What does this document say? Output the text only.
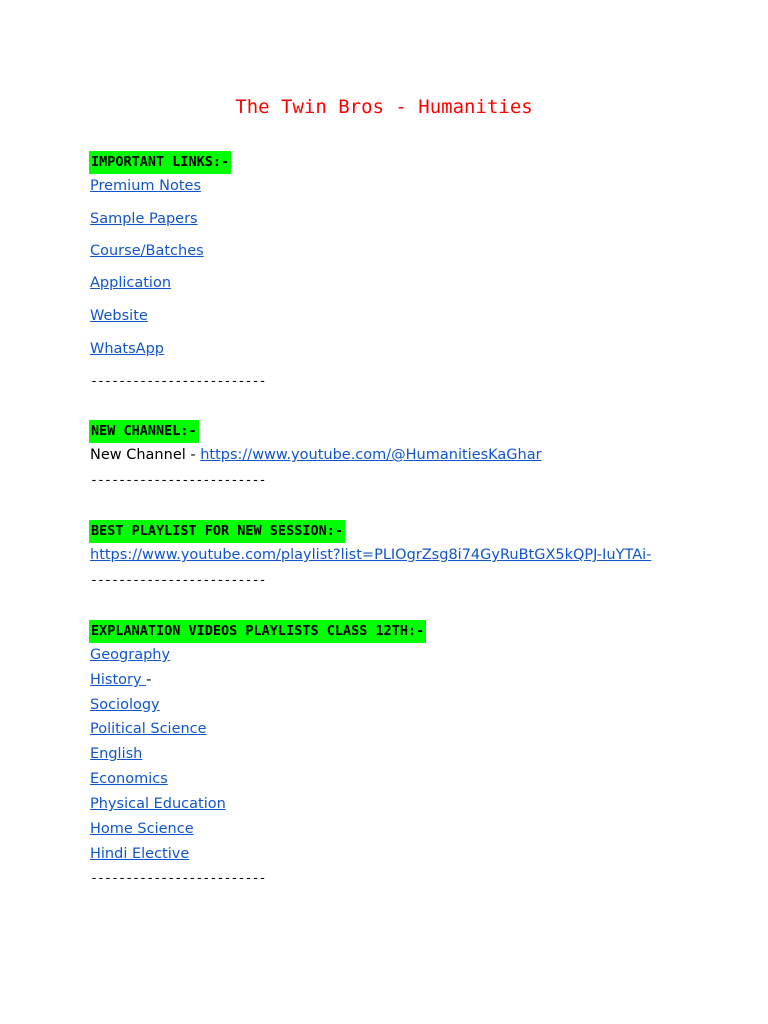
The Twin Bros - Humanities
IMPORTANT LINKS:-
Premium Notes
Sample Papers
Course/Batches
Application
Website
WhatsApp
-------------------------
NEW CHANNEL:-
New Channel - https://www.youtube.com/@HumanitiesKaGhar
-------------------------
BEST PLAYLIST FOR NEW SESSION:-
https://www.youtube.com/playlist?list=PLIOgrZsg8i74GyRuBtGX5kQPJ-IuYTAi-
-------------------------
EXPLANATION VIDEOS PLAYLISTS CLASS 12TH:-
Geography
History -
Sociology
Political Science
English
Economics
Physical Education
Home Science
Hindi Elective
-------------------------
